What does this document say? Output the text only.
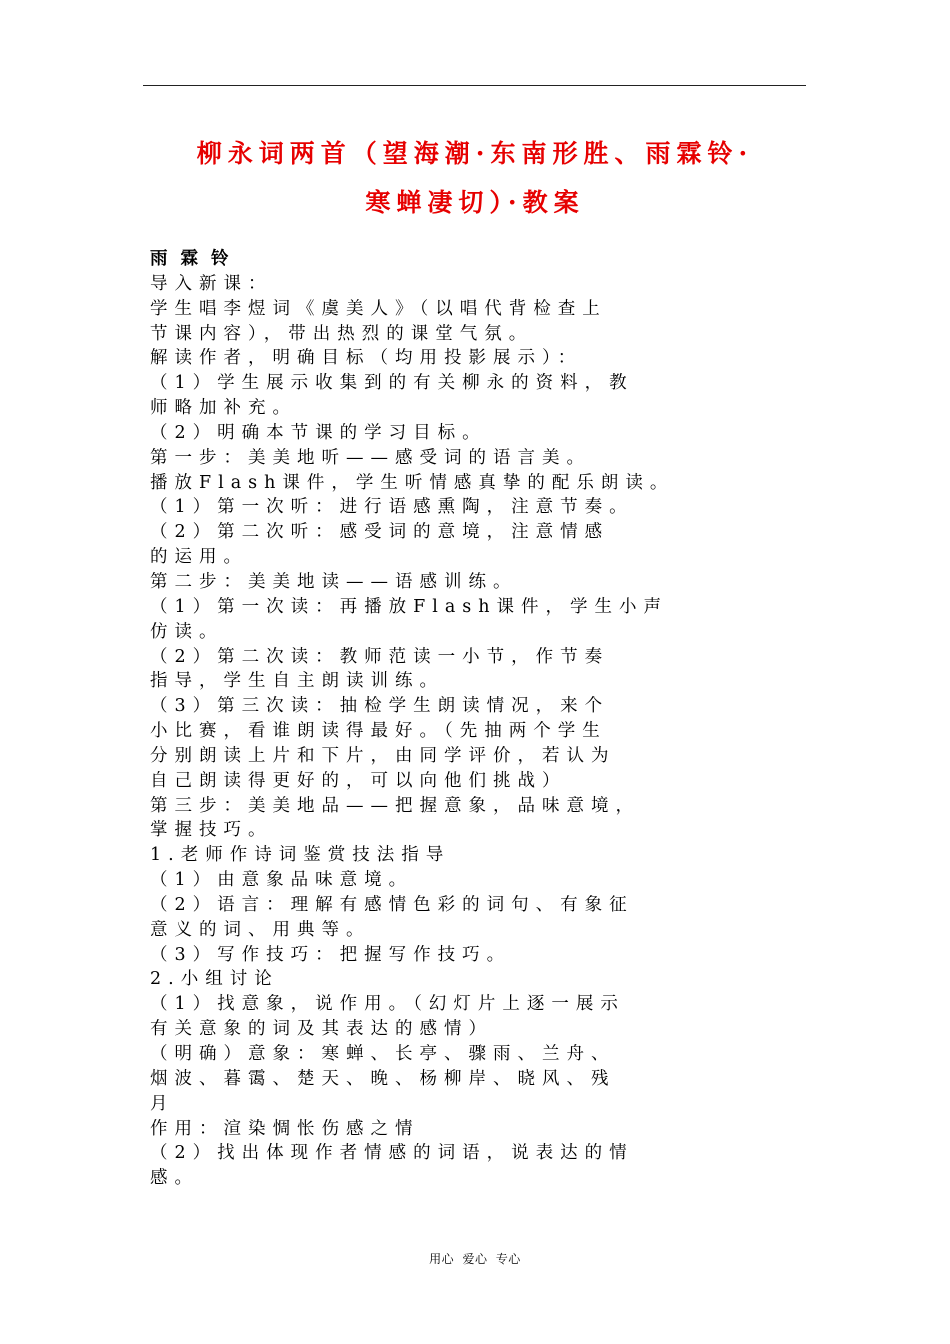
柳永词两首（望海潮·东南形胜、雨霖铃·
寒蝉凄切）·教案
雨霖铃
导入新课：
学生唱李煜词《虞美人》（以唱代背检查上
节课内容），带出热烈的课堂气氛。
解读作者，明确目标（均用投影展示）：
（1）学生展示收集到的有关柳永的资料，教
师略加补充。
（2）明确本节课的学习目标。
第一步：美美地听——感受词的语言美。
播放Flash课件，学生听情感真挚的配乐朗读。
（1）第一次听：进行语感熏陶，注意节奏。
（2）第二次听：感受词的意境，注意情感
的运用。
第二步：美美地读——语感训练。
（1）第一次读：再播放Flash课件，学生小声
仿读。
（2）第二次读：教师范读一小节，作节奏
指导，学生自主朗读训练。
（3）第三次读：抽检学生朗读情况，来个
小比赛，看谁朗读得最好。（先抽两个学生
分别朗读上片和下片，由同学评价，若认为
自己朗读得更好的，可以向他们挑战）
第三步：美美地品——把握意象，品味意境，
掌握技巧。
1.老师作诗词鉴赏技法指导
（1）由意象品味意境。
（2）语言：理解有感情色彩的词句、有象征
意义的词、用典等。
（3）写作技巧：把握写作技巧。
2.小组讨论
（1）找意象，说作用。（幻灯片上逐一展示
有关意象的词及其表达的感情）
（明确）意象：寒蝉、长亭、骤雨、兰舟、
烟波、暮霭、楚天、晚、杨柳岸、晓风、残
月
作用：渲染惆怅伤感之情
（2）找出体现作者情感的词语，说表达的情
感。
用心 爱心 专心
